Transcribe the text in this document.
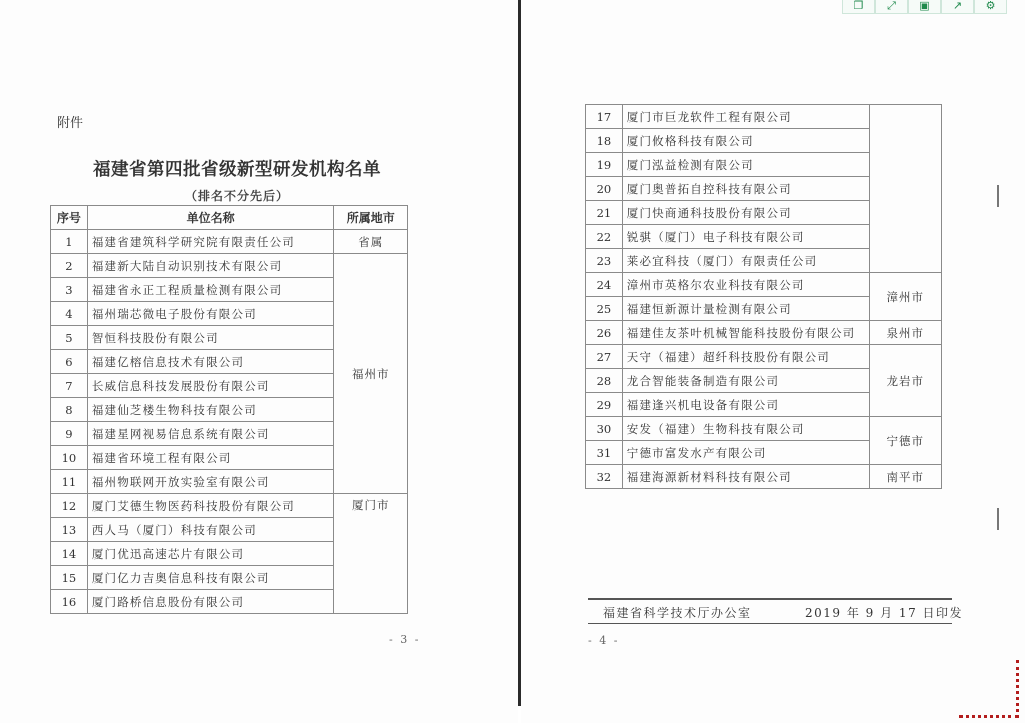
附件
福建省第四批省级新型研发机构名单
（排名不分先后）
序号	单位名称	所属地市
1	福建省建筑科学研究院有限责任公司	省属
2	福建新大陆自动识别技术有限公司	福州市
3	福建省永正工程质量检测有限公司	
4	福州瑞芯微电子股份有限公司	
5	智恒科技股份有限公司	
6	福建亿榕信息技术有限公司	
7	长威信息科技发展股份有限公司	
8	福建仙芝楼生物科技有限公司	
9	福建星网视易信息系统有限公司	
10	福建省环境工程有限公司	
11	福州物联网开放实验室有限公司	
12	厦门艾德生物医药科技股份有限公司	厦门市
13	西人马（厦门）科技有限公司	
14	厦门优迅高速芯片有限公司	
15	厦门亿力吉奥信息科技有限公司	
16	厦门路桥信息股份有限公司	
- 3 -
17	厦门市巨龙软件工程有限公司	
18	厦门攸格科技有限公司	
19	厦门泓益检测有限公司	
20	厦门奥普拓自控科技有限公司	
21	厦门快商通科技股份有限公司	
22	锐骐（厦门）电子科技有限公司	
23	莱必宜科技（厦门）有限责任公司	
24	漳州市英格尔农业科技有限公司	漳州市
25	福建恒新源计量检测有限公司	
26	福建佳友茶叶机械智能科技股份有限公司	泉州市
27	天守（福建）超纤科技股份有限公司	龙岩市
28	龙合智能装备制造有限公司	
29	福建逢兴机电设备有限公司	
30	安发（福建）生物科技有限公司	宁德市
31	宁德市富发水产有限公司	
32	福建海源新材料科技有限公司	南平市
福建省科学技术厅办公室	2019 年 9 月 17 日印发
- 4 -
❐ ⤢ ▣ ↗ ⚙
